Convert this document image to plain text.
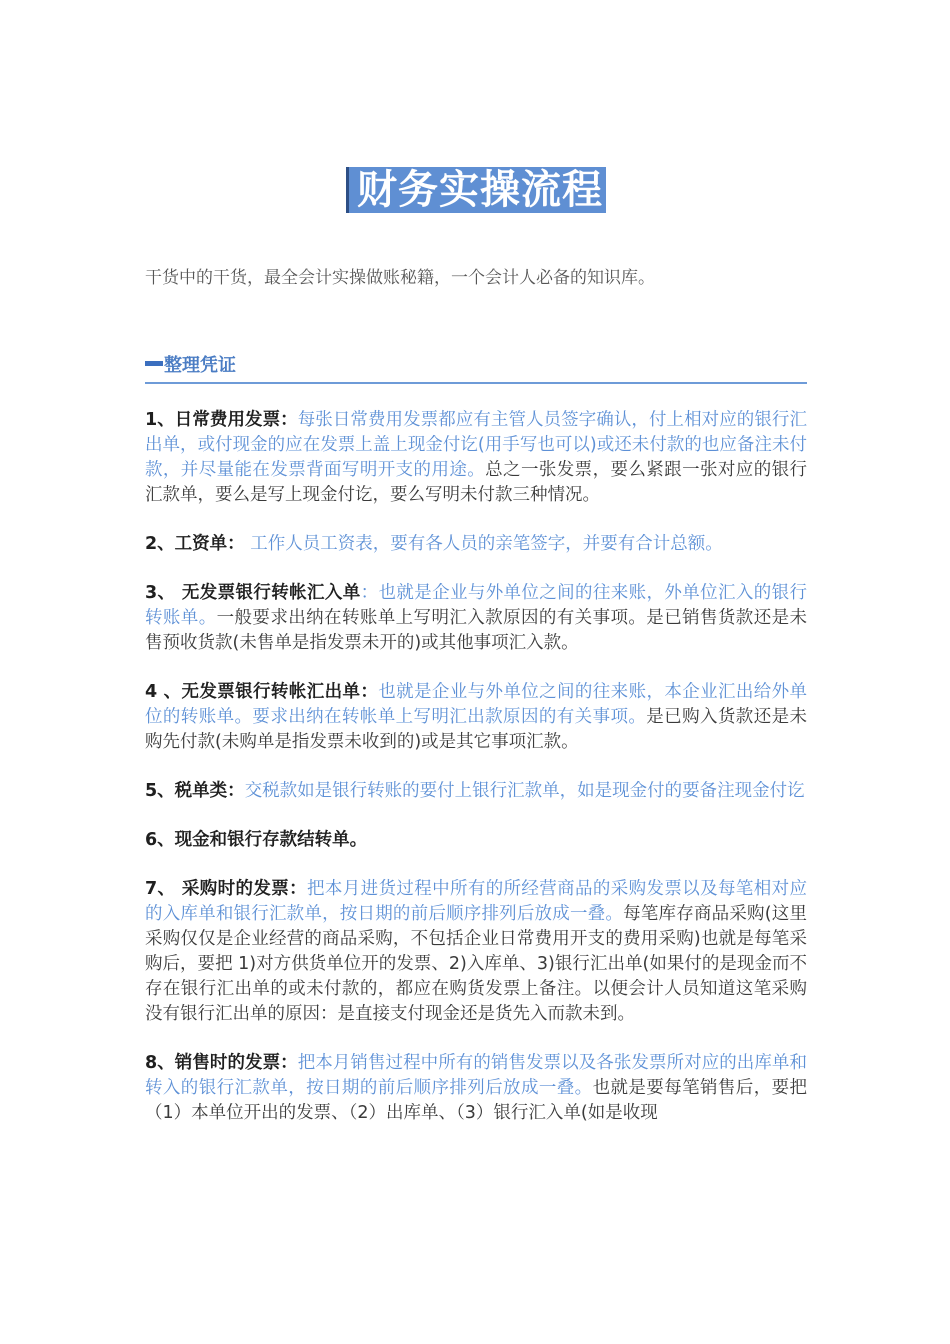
财务实操流程
干货中的干货，最全会计实操做账秘籍，一个会计人必备的知识库。
整理凭证

1、日常费用发票：每张日常费用发票都应有主管人员签字确认，付上相对应的银行汇出单，或付现金的应在发票上盖上现金付讫(用手写也可以)或还未付款的也应备注未付款，并尽量能在发票背面写明开支的用途。总之一张发票，要么紧跟一张对应的银行汇款单，要么是写上现金付讫，要么写明未付款三种情况。

2、工资单： 工作人员工资表，要有各人员的亲笔签字，并要有合计总额。

3、 无发票银行转帐汇入单：也就是企业与外单位之间的往来账，外单位汇入的银行转账单。一般要求出纳在转账单上写明汇入款原因的有关事项。是已销售货款还是未售预收货款(未售单是指发票未开的)或其他事项汇入款。

4 、无发票银行转帐汇出单：也就是企业与外单位之间的往来账，本企业汇出给外单位的转账单。要求出纳在转帐单上写明汇出款原因的有关事项。是已购入货款还是未购先付款(未购单是指发票未收到的)或是其它事项汇款。

5、税单类：交税款如是银行转账的要付上银行汇款单，如是现金付的要备注现金付讫

6、现金和银行存款结转单。

7、 采购时的发票：把本月进货过程中所有的所经营商品的采购发票以及每笔相对应的入库单和银行汇款单，按日期的前后顺序排列后放成一叠。每笔库存商品采购(这里采购仅仅是企业经营的商品采购，不包括企业日常费用开支的费用采购)也就是每笔采购后，要把 1)对方供货单位开的发票、2)入库单、3)银行汇出单(如果付的是现金而不存在银行汇出单的或未付款的，都应在购货发票上备注。以便会计人员知道这笔采购没有银行汇出单的原因：是直接支付现金还是货先入而款未到。

8、销售时的发票：把本月销售过程中所有的销售发票以及各张发票所对应的出库单和转入的银行汇款单，按日期的前后顺序排列后放成一叠。也就是要每笔销售后，要把（1）本单位开出的发票、（2）出库单、（3）银行汇入单(如是收现
